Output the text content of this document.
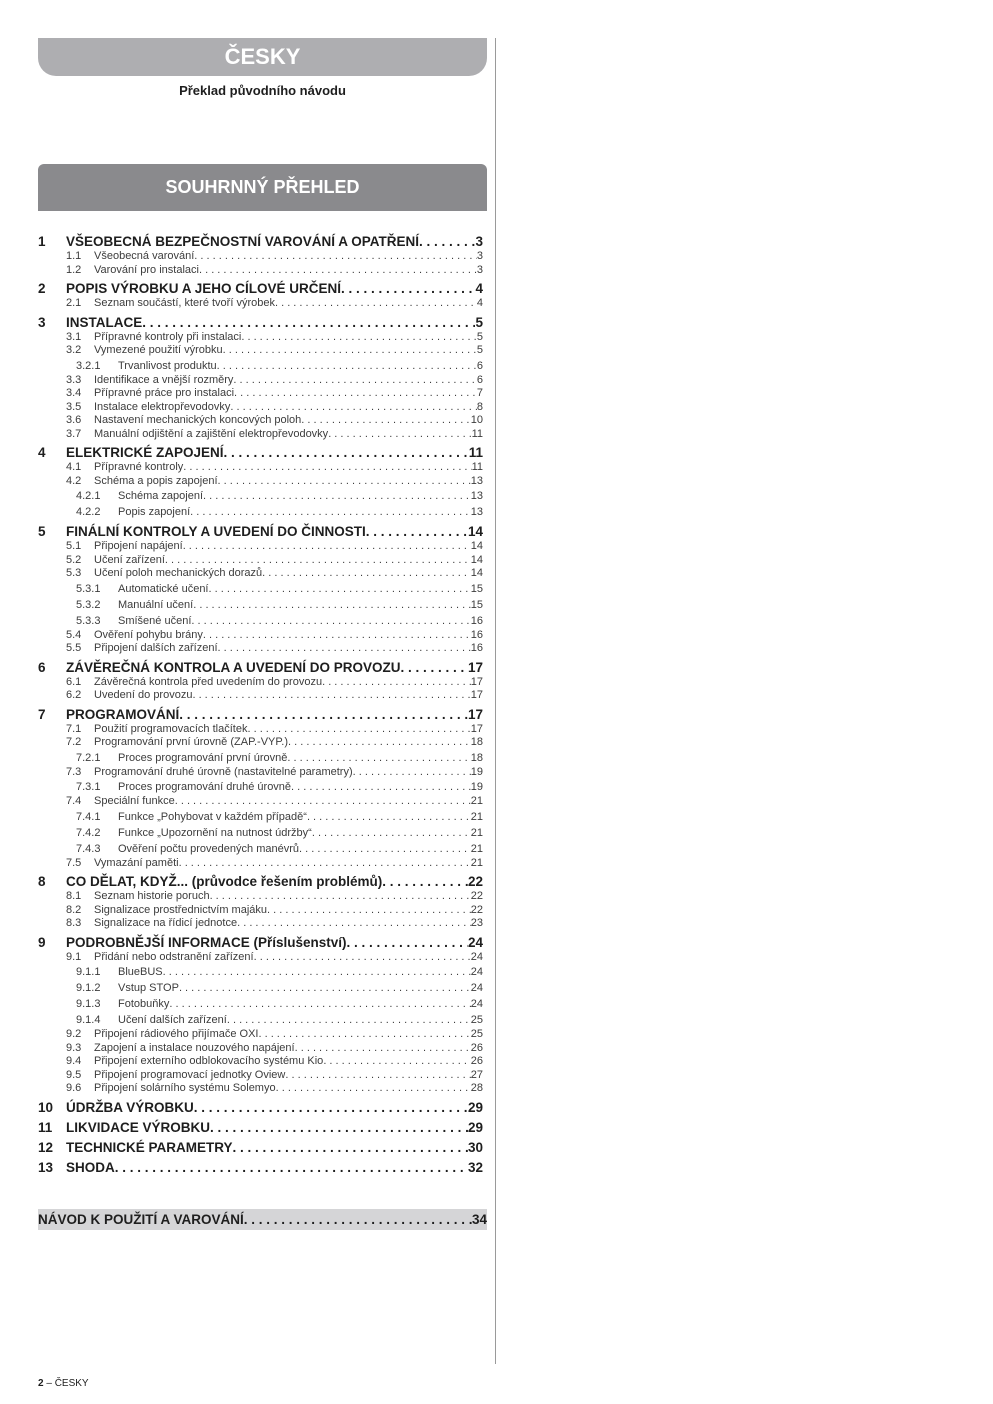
ČESKY
Překlad původního návodu
SOUHRNNÝ PŘEHLED
1	VŠEOBECNÁ BEZPEČNOSTNÍ VAROVÁNÍ A OPATŘENÍ . . .	3
1.1	Všeobecná varování . . .	3
1.2	Varování pro instalaci . . .	3
2	POPIS VÝROBKU A JEHO CÍLOVÉ URČENÍ . . .	4
2.1	Seznam součástí, které tvoří výrobek . . .	4
3	INSTALACE . . .	5
3.1	Přípravné kontroly při instalaci . . .	5
3.2	Vymezené použití výrobku . . .	5
3.2.1	Trvanlivost produktu . . .	6
3.3	Identifikace a vnější rozměry . . .	6
3.4	Přípravné práce pro instalaci . . .	7
3.5	Instalace elektropřevodovky . . .	8
3.6	Nastavení mechanických koncových poloh . . .	10
3.7	Manuální odjištění a zajištění elektropřevodovky . . .	11
4	ELEKTRICKÉ ZAPOJENÍ . . .	11
4.1	Přípravné kontroly . . .	11
4.2	Schéma a popis zapojení . . .	13
4.2.1	Schéma zapojení . . .	13
4.2.2	Popis zapojení . . .	13
5	FINÁLNÍ KONTROLY A UVEDENÍ DO ČINNOSTI . . .	14
5.1	Připojení napájení . . .	14
5.2	Učení zařízení . . .	14
5.3	Učení poloh mechanických dorazů . . .	14
5.3.1	Automatické učení . . .	15
5.3.2	Manuální učení . . .	15
5.3.3	Smíšené učení . . .	16
5.4	Ověření pohybu brány . . .	16
5.5	Připojení dalších zařízení . . .	16
6	ZÁVĚREČNÁ KONTROLA A UVEDENÍ DO PROVOZU . . .	17
6.1	Závěrečná kontrola před uvedením do provozu . . .	17
6.2	Uvedení do provozu . . .	17
7	PROGRAMOVÁNÍ . . .	17
7.1	Použití programovacích tlačítek . . .	17
7.2	Programování první úrovně (ZAP.-VYP.) . . .	18
7.2.1	Proces programování první úrovně . . .	18
7.3	Programování druhé úrovně (nastavitelné parametry) . . .	19
7.3.1	Proces programování druhé úrovně . . .	19
7.4	Speciální funkce . . .	21
7.4.1	Funkce „Pohybovat v každém případě“ . . .	21
7.4.2	Funkce „Upozornění na nutnost údržby“ . . .	21
7.4.3	Ověření počtu provedených manévrů . . .	21
7.5	Vymazání paměti . . .	21
8	CO DĚLAT, KDYŽ... (průvodce řešením problémů) . . .	22
8.1	Seznam historie poruch . . .	22
8.2	Signalizace prostřednictvím majáku . . .	22
8.3	Signalizace na řídicí jednotce . . .	23
9	PODROBNĚJŠÍ INFORMACE (Příslušenství) . . .	24
9.1	Přidání nebo odstranění zařízení . . .	24
9.1.1	BlueBUS . . .	24
9.1.2	Vstup STOP . . .	24
9.1.3	Fotobuňky . . .	24
9.1.4	Učení dalších zařízení . . .	25
9.2	Připojení rádiového přijímače OXI . . .	25
9.3	Zapojení a instalace nouzového napájení . . .	26
9.4	Připojení externího odblokovacího systému Kio . . .	26
9.5	Připojení programovací jednotky Oview . . .	27
9.6	Připojení solárního systému Solemyo . . .	28
10 ÚDRŽBA VÝROBKU . . .	29
11	LIKVIDACE VÝROBKU . . .	29
12 TECHNICKÉ PARAMETRY . . .	30
13 SHODA . . .	32
NÁVOD K POUŽITÍ A VAROVÁNÍ . . .	34
2 – ČESKY
